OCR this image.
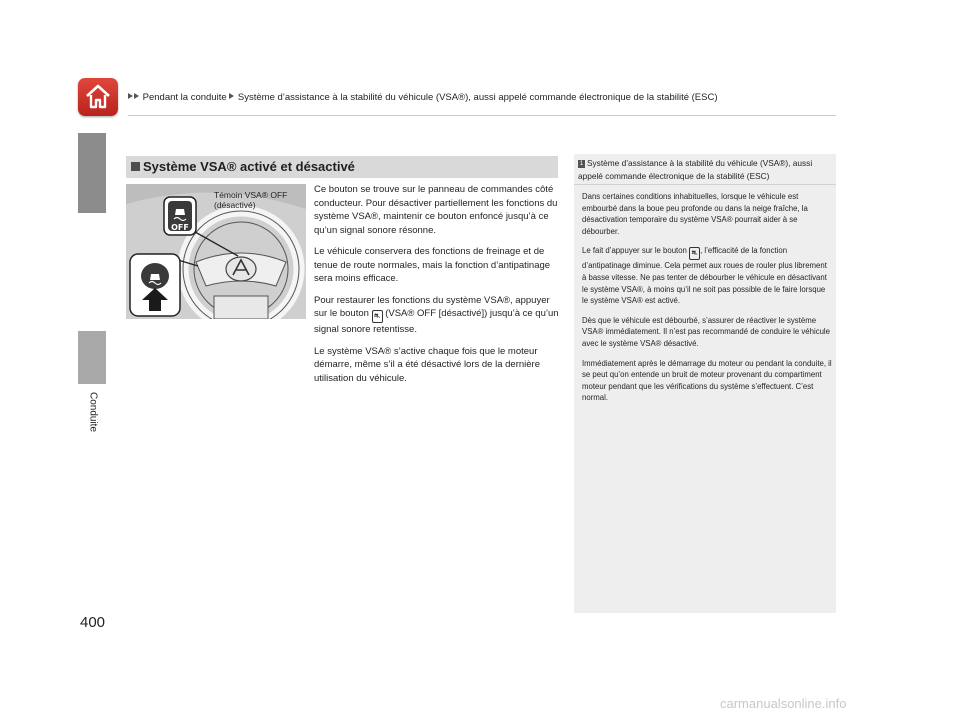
Pendant la conduite Système d’assistance à la stabilité du véhicule (VSA®), aussi appelé commande électronique de la stabilité (ESC)
Conduite
400
Système VSA® activé et désactivé
OFF
Témoin VSA® OFF
(désactivé)

Ce bouton se trouve sur le panneau de commandes côté conducteur. Pour désactiver partiellement les fonctions du système VSA®, maintenir ce bouton enfoncé jusqu’à ce qu’un signal sonore résonne.

Le véhicule conservera des fonctions de freinage et de tenue de route normales, mais la fonction d’antipatinage sera moins efficace.

Pour restaurer les fonctions du système VSA®, appuyer sur le bouton ⛐ (VSA® OFF [désactivé]) jusqu’à ce qu’un signal sonore retentisse.

Le système VSA® s’active chaque fois que le moteur démarre, même s’il a été désactivé lors de la dernière utilisation du véhicule.

1 Système d’assistance à la stabilité du véhicule (VSA®), aussi appelé commande électronique de la stabilité (ESC)

Dans certaines conditions inhabituelles, lorsque le véhicule est embourbé dans la boue peu profonde ou dans la neige fraîche, la désactivation temporaire du système VSA® pourrait aider à se débourber.

Le fait d’appuyer sur le bouton ⛐ , l’efficacité de la fonction d’antipatinage diminue. Cela permet aux roues de rouler plus librement à basse vitesse. Ne pas tenter de débourber le véhicule en désactivant le système VSA®, à moins qu’il ne soit pas possible de le faire lorsque le système VSA® est activé.

Dès que le véhicule est débourbé, s’assurer de réactiver le système VSA® immédiatement. Il n’est pas recommandé de conduire le véhicule avec le système VSA® désactivé.

Immédiatement après le démarrage du moteur ou pendant la conduite, il se peut qu’on entende un bruit de moteur provenant du compartiment moteur pendant que les vérifications du système s’effectuent. C’est normal.

carmanualsonline.info
